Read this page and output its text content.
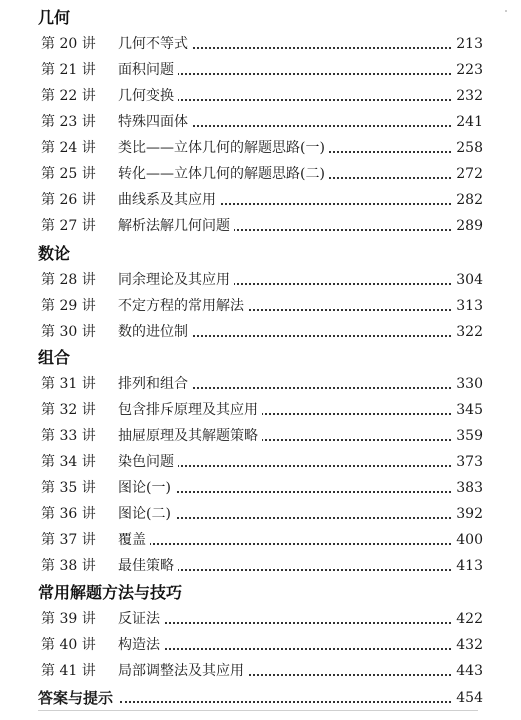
几何
第 20 讲 几何不等式	213
第 21 讲 面积问题	223
第 22 讲 几何变换	232
第 23 讲 特殊四面体	241
第 24 讲 类比——立体几何的解题思路(一)	258
第 25 讲 转化——立体几何的解题思路(二)	272
第 26 讲 曲线系及其应用	282
第 27 讲 解析法解几何问题	289
数论
第 28 讲 同余理论及其应用	304
第 29 讲 不定方程的常用解法	313
第 30 讲 数的进位制	322
组合
第 31 讲 排列和组合	330
第 32 讲 包含排斥原理及其应用	345
第 33 讲 抽屉原理及其解题策略	359
第 34 讲 染色问题	373
第 35 讲 图论(一)	383
第 36 讲 图论(二)	392
第 37 讲 覆盖	400
第 38 讲 最佳策略	413
常用解题方法与技巧
第 39 讲 反证法	422
第 40 讲 构造法	432
第 41 讲 局部调整法及其应用	443
答案与提示	454
